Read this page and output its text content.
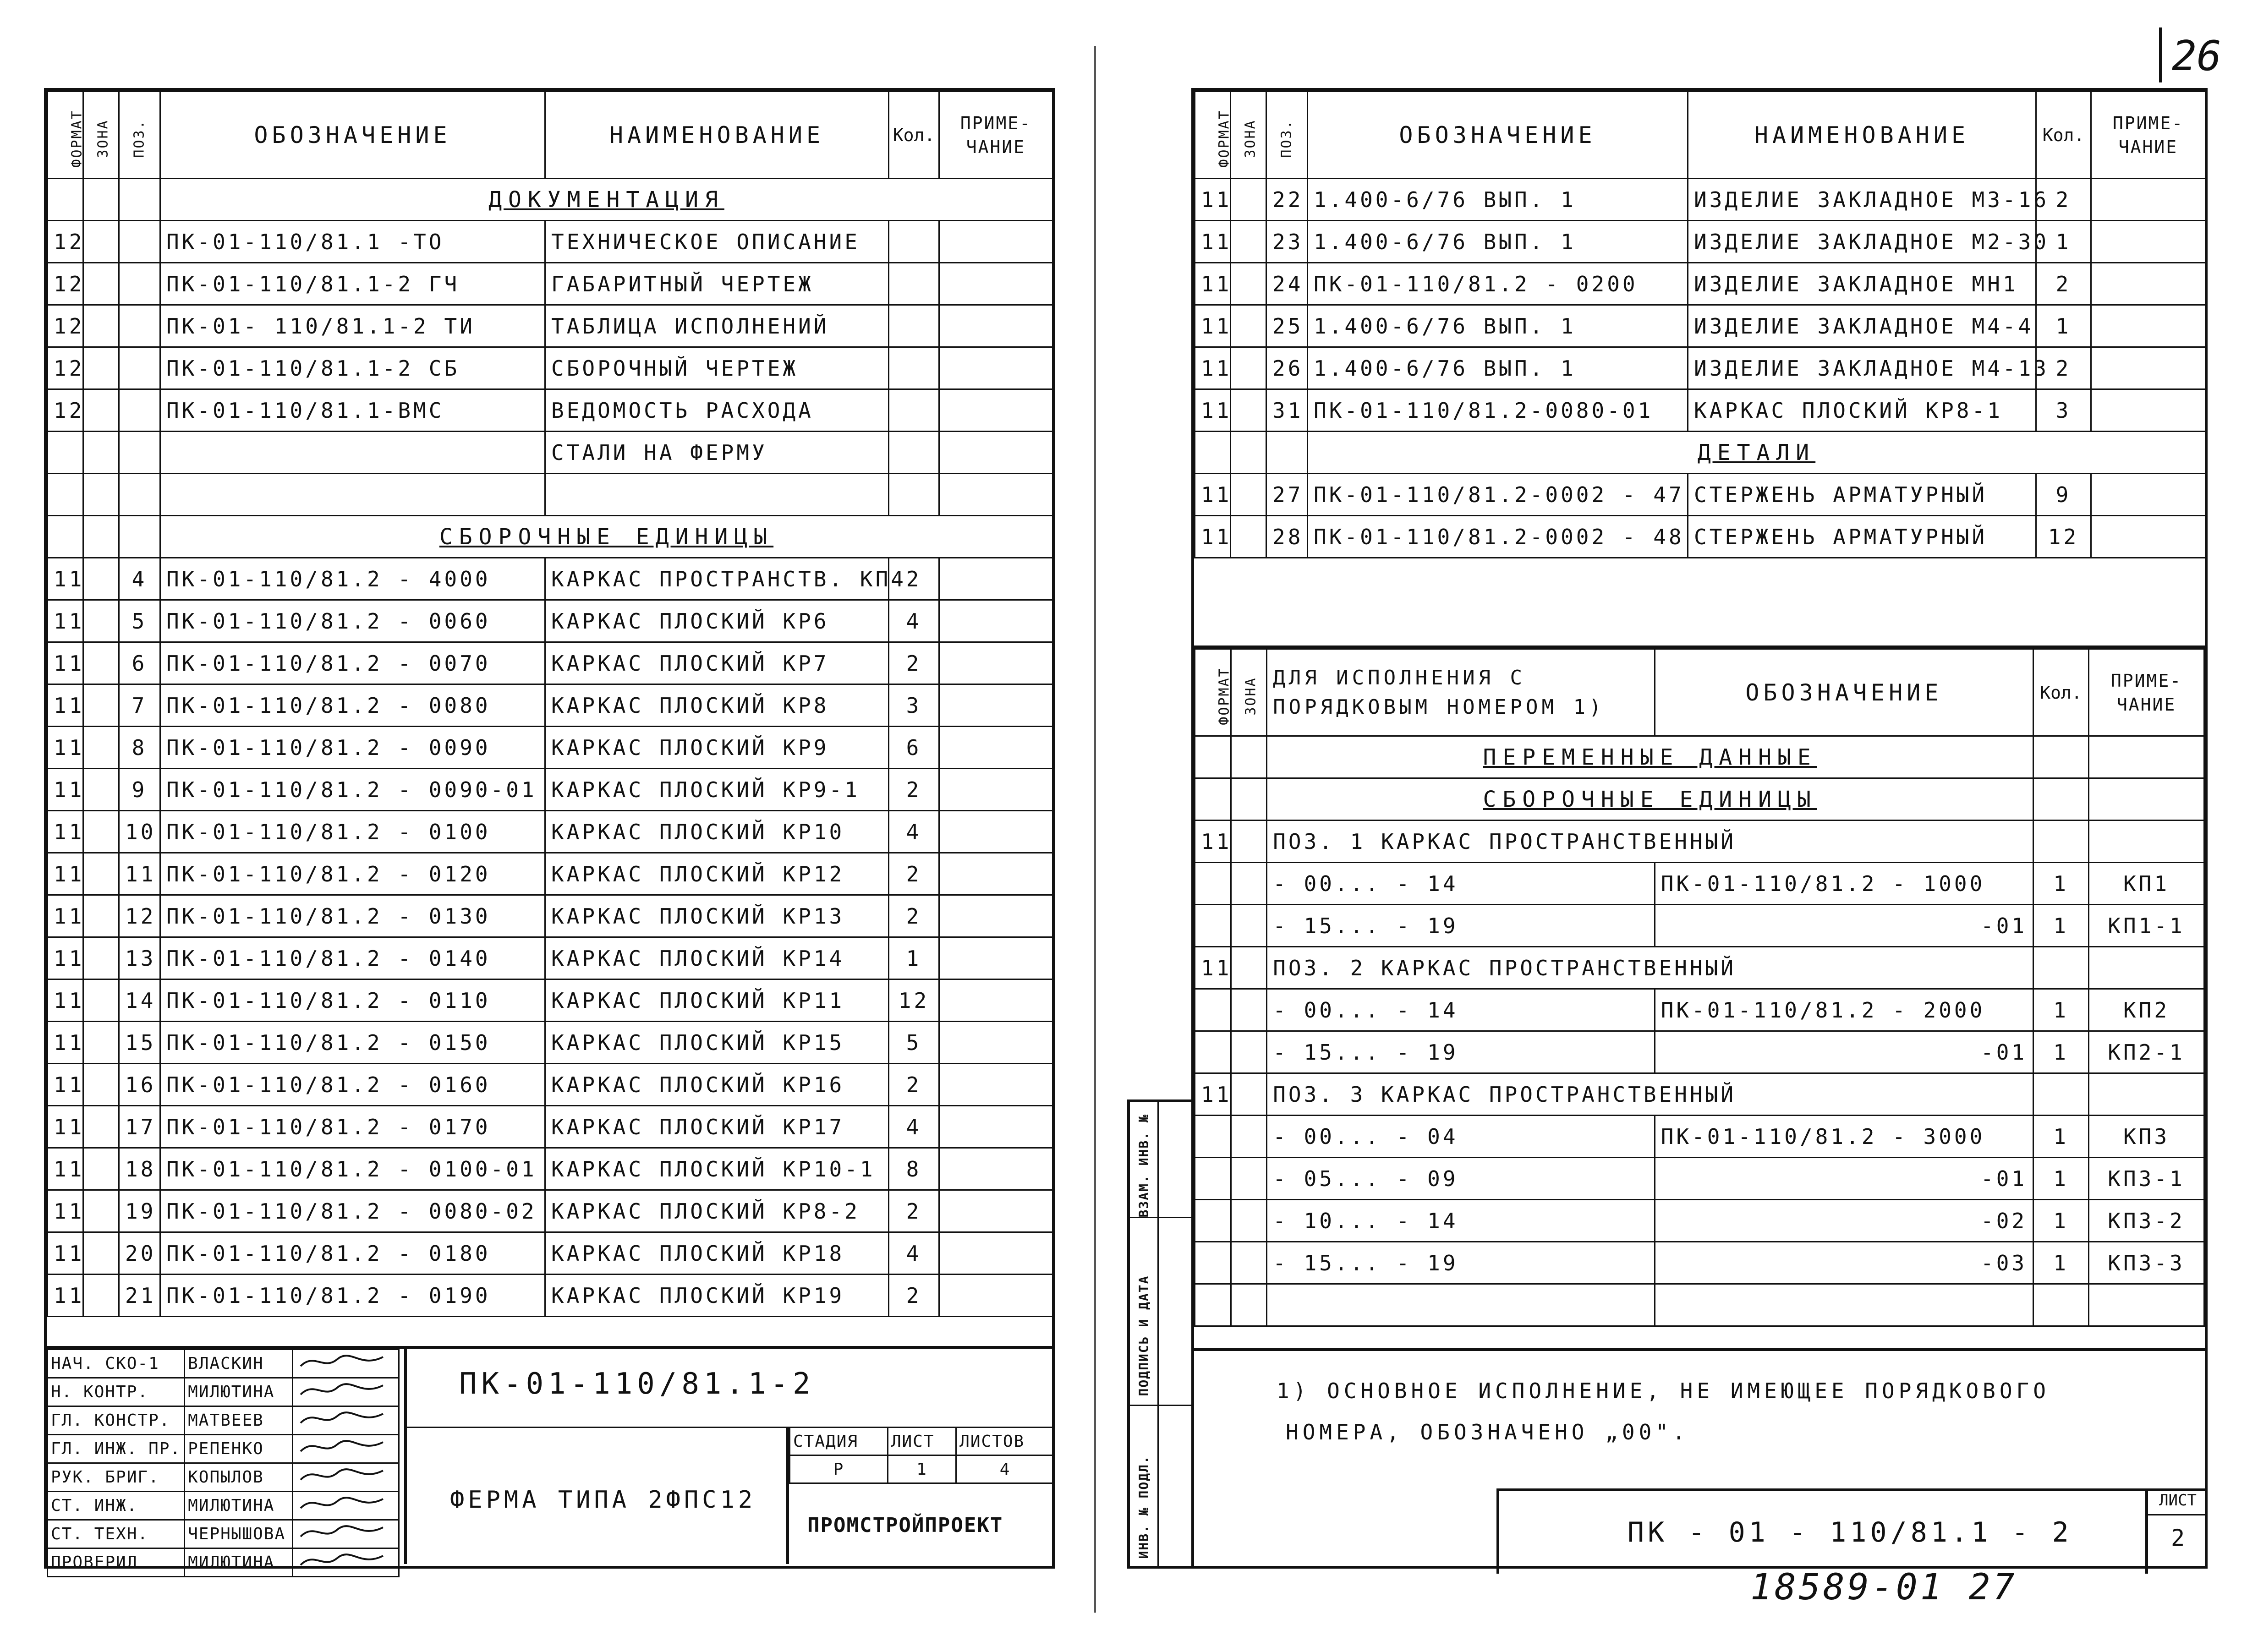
26
ФОРМАТ	ЗОНА	ПОЗ.	ОБОЗНАЧЕНИЕ	НАИМЕНОВАНИЕ	Кол.	ПРИМЕ-
ЧАНИЕ
			ДОКУМЕНТАЦИЯ			
12			ПК-01-110/81.1 -ТО	ТЕХНИЧЕСКОЕ ОПИСАНИЕ		
12			ПК-01-110/81.1-2 ГЧ	ГАБАРИТНЫЙ ЧЕРТЕЖ		
12			ПК-01- 110/81.1-2 ТИ	ТАБЛИЦА ИСПОЛНЕНИЙ		
12			ПК-01-110/81.1-2 СБ	СБОРОЧНЫЙ ЧЕРТЕЖ		
12			ПК-01-110/81.1-ВМС	ВЕДОМОСТЬ РАСХОДА		
				СТАЛИ НА ФЕРМУ		

			СБОРОЧНЫЕ ЕДИНИЦЫ			
11		4	ПК-01-110/81.2 - 4000	КАРКАС ПРОСТРАНСТВ. КП4	2	
11		5	ПК-01-110/81.2 - 0060	КАРКАС ПЛОСКИЙ КР6	4	
11		6	ПК-01-110/81.2 - 0070	КАРКАС ПЛОСКИЙ КР7	2	
11		7	ПК-01-110/81.2 - 0080	КАРКАС ПЛОСКИЙ КР8	3	
11		8	ПК-01-110/81.2 - 0090	КАРКАС ПЛОСКИЙ КР9	6	
11		9	ПК-01-110/81.2 - 0090-01	КАРКАС ПЛОСКИЙ КР9-1	2	
11		10	ПК-01-110/81.2 - 0100	КАРКАС ПЛОСКИЙ КР10	4	
11		11	ПК-01-110/81.2 - 0120	КАРКАС ПЛОСКИЙ КР12	2	
11		12	ПК-01-110/81.2 - 0130	КАРКАС ПЛОСКИЙ КР13	2	
11		13	ПК-01-110/81.2 - 0140	КАРКАС ПЛОСКИЙ КР14	1	
11		14	ПК-01-110/81.2 - 0110	КАРКАС ПЛОСКИЙ КР11	12	
11		15	ПК-01-110/81.2 - 0150	КАРКАС ПЛОСКИЙ КР15	5	
11		16	ПК-01-110/81.2 - 0160	КАРКАС ПЛОСКИЙ КР16	2	
11		17	ПК-01-110/81.2 - 0170	КАРКАС ПЛОСКИЙ КР17	4	
11		18	ПК-01-110/81.2 - 0100-01	КАРКАС ПЛОСКИЙ КР10-1	8	
11		19	ПК-01-110/81.2 - 0080-02	КАРКАС ПЛОСКИЙ КР8-2	2	
11		20	ПК-01-110/81.2 - 0180	КАРКАС ПЛОСКИЙ КР18	4	
11		21	ПК-01-110/81.2 - 0190	КАРКАС ПЛОСКИЙ КР19	2	
НАЧ. СКО-1	ВЛАСКИН	
Н. КОНТР.	МИЛЮТИНА	
ГЛ. КОНСТР.	МАТВЕЕВ	
ГЛ. ИНЖ. ПР.	РЕПЕНКО	
РУК. БРИГ.	КОПЫЛОВ	
СТ. ИНЖ.	МИЛЮТИНА	
СТ. ТЕХН.	ЧЕРНЫШОВА	
ПРОВЕРИЛ	МИЛЮТИНА	
ПК-01-110/81.1-2
ФЕРМА ТИПА 2ФПС12
СТАДИЯ	ЛИСТ	ЛИСТОВ
Р	1	4
ПРОМСТРОЙПРОЕКТ
ФОРМАТ	ЗОНА	ПОЗ.	ОБОЗНАЧЕНИЕ	НАИМЕНОВАНИЕ	Кол.	ПРИМЕ-
ЧАНИЕ
11		22	1.400-6/76 ВЫП. 1	ИЗДЕЛИЕ ЗАКЛАДНОЕ М3-16	2	
11		23	1.400-6/76 ВЫП. 1	ИЗДЕЛИЕ ЗАКЛАДНОЕ М2-30	1	
11		24	ПК-01-110/81.2 - 0200	ИЗДЕЛИЕ ЗАКЛАДНОЕ МН1	2	
11		25	1.400-6/76 ВЫП. 1	ИЗДЕЛИЕ ЗАКЛАДНОЕ М4-4	1	
11		26	1.400-6/76 ВЫП. 1	ИЗДЕЛИЕ ЗАКЛАДНОЕ М4-13	2	
11		31	ПК-01-110/81.2-0080-01	КАРКАС ПЛОСКИЙ КР8-1	3	
			ДЕТАЛИ			
11		27	ПК-01-110/81.2-0002 - 47	СТЕРЖЕНЬ АРМАТУРНЫЙ	9	
11		28	ПК-01-110/81.2-0002 - 48	СТЕРЖЕНЬ АРМАТУРНЫЙ	12	
ФОРМАТ	ЗОНА	ДЛЯ ИСПОЛНЕНИЯ С
ПОРЯДКОВЫМ НОМЕРОМ 1)	ОБОЗНАЧЕНИЕ	Кол.	ПРИМЕ-
ЧАНИЕ
		ПЕРЕМЕННЫЕ ДАННЫЕ			
		СБОРОЧНЫЕ ЕДИНИЦЫ			
11		ПОЗ. 1 КАРКАС ПРОСТРАНСТВЕННЫЙ			
		- 00... - 14	ПК-01-110/81.2 - 1000	1	КП1
		- 15... - 19	-01	1	КП1-1
11		ПОЗ. 2 КАРКАС ПРОСТРАНСТВЕННЫЙ			
		- 00... - 14	ПК-01-110/81.2 - 2000	1	КП2
		- 15... - 19	-01	1	КП2-1
11		ПОЗ. 3 КАРКАС ПРОСТРАНСТВЕННЫЙ			
		- 00... - 04	ПК-01-110/81.2 - 3000	1	КП3
		- 05... - 09	-01	1	КП3-1
		- 10... - 14	-02	1	КП3-2
		- 15... - 19	-03	1	КП3-3

1) ОСНОВНОЕ ИСПОЛНЕНИЕ, НЕ ИМЕЮЩЕЕ ПОРЯДКОВОГО
НОМЕРА, ОБОЗНАЧЕНО „00".
ПК - 01 - 110/81.1 - 2
ЛИСТ
2
ВЗАМ. ИНВ. №
ПОДПИСЬ И ДАТА
ИНВ. № ПОДЛ.
18589-01 27
